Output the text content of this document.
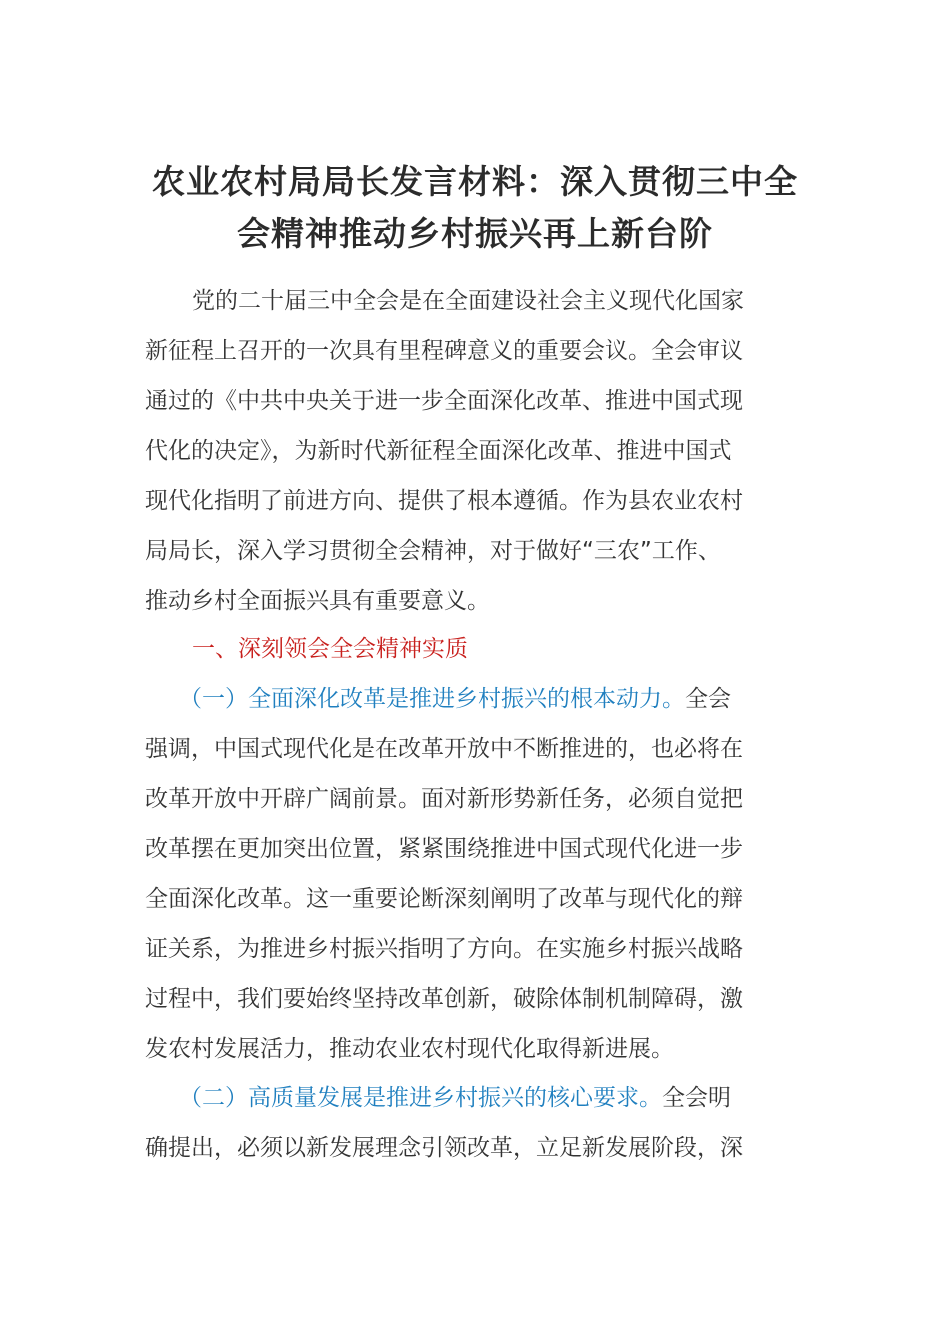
农业农村局局长发言材料：深入贯彻三中全
会精神推动乡村振兴再上新台阶
党的二十届三中全会是在全面建设社会主义现代化国家
新征程上召开的一次具有里程碑意义的重要会议。全会审议
通过的《中共中央关于进一步全面深化改革、推进中国式现
代化的决定》，为新时代新征程全面深化改革、推进中国式
现代化指明了前进方向、提供了根本遵循。作为县农业农村
局局长，深入学习贯彻全会精神，对于做好“三农”工作、
推动乡村全面振兴具有重要意义。
一、深刻领会全会精神实质
（一）全面深化改革是推进乡村振兴的根本动力。全会
强调，中国式现代化是在改革开放中不断推进的，也必将在
改革开放中开辟广阔前景。面对新形势新任务，必须自觉把
改革摆在更加突出位置，紧紧围绕推进中国式现代化进一步
全面深化改革。这一重要论断深刻阐明了改革与现代化的辩
证关系，为推进乡村振兴指明了方向。在实施乡村振兴战略
过程中，我们要始终坚持改革创新，破除体制机制障碍，激
发农村发展活力，推动农业农村现代化取得新进展。
（二）高质量发展是推进乡村振兴的核心要求。全会明
确提出，必须以新发展理念引领改革，立足新发展阶段，深
